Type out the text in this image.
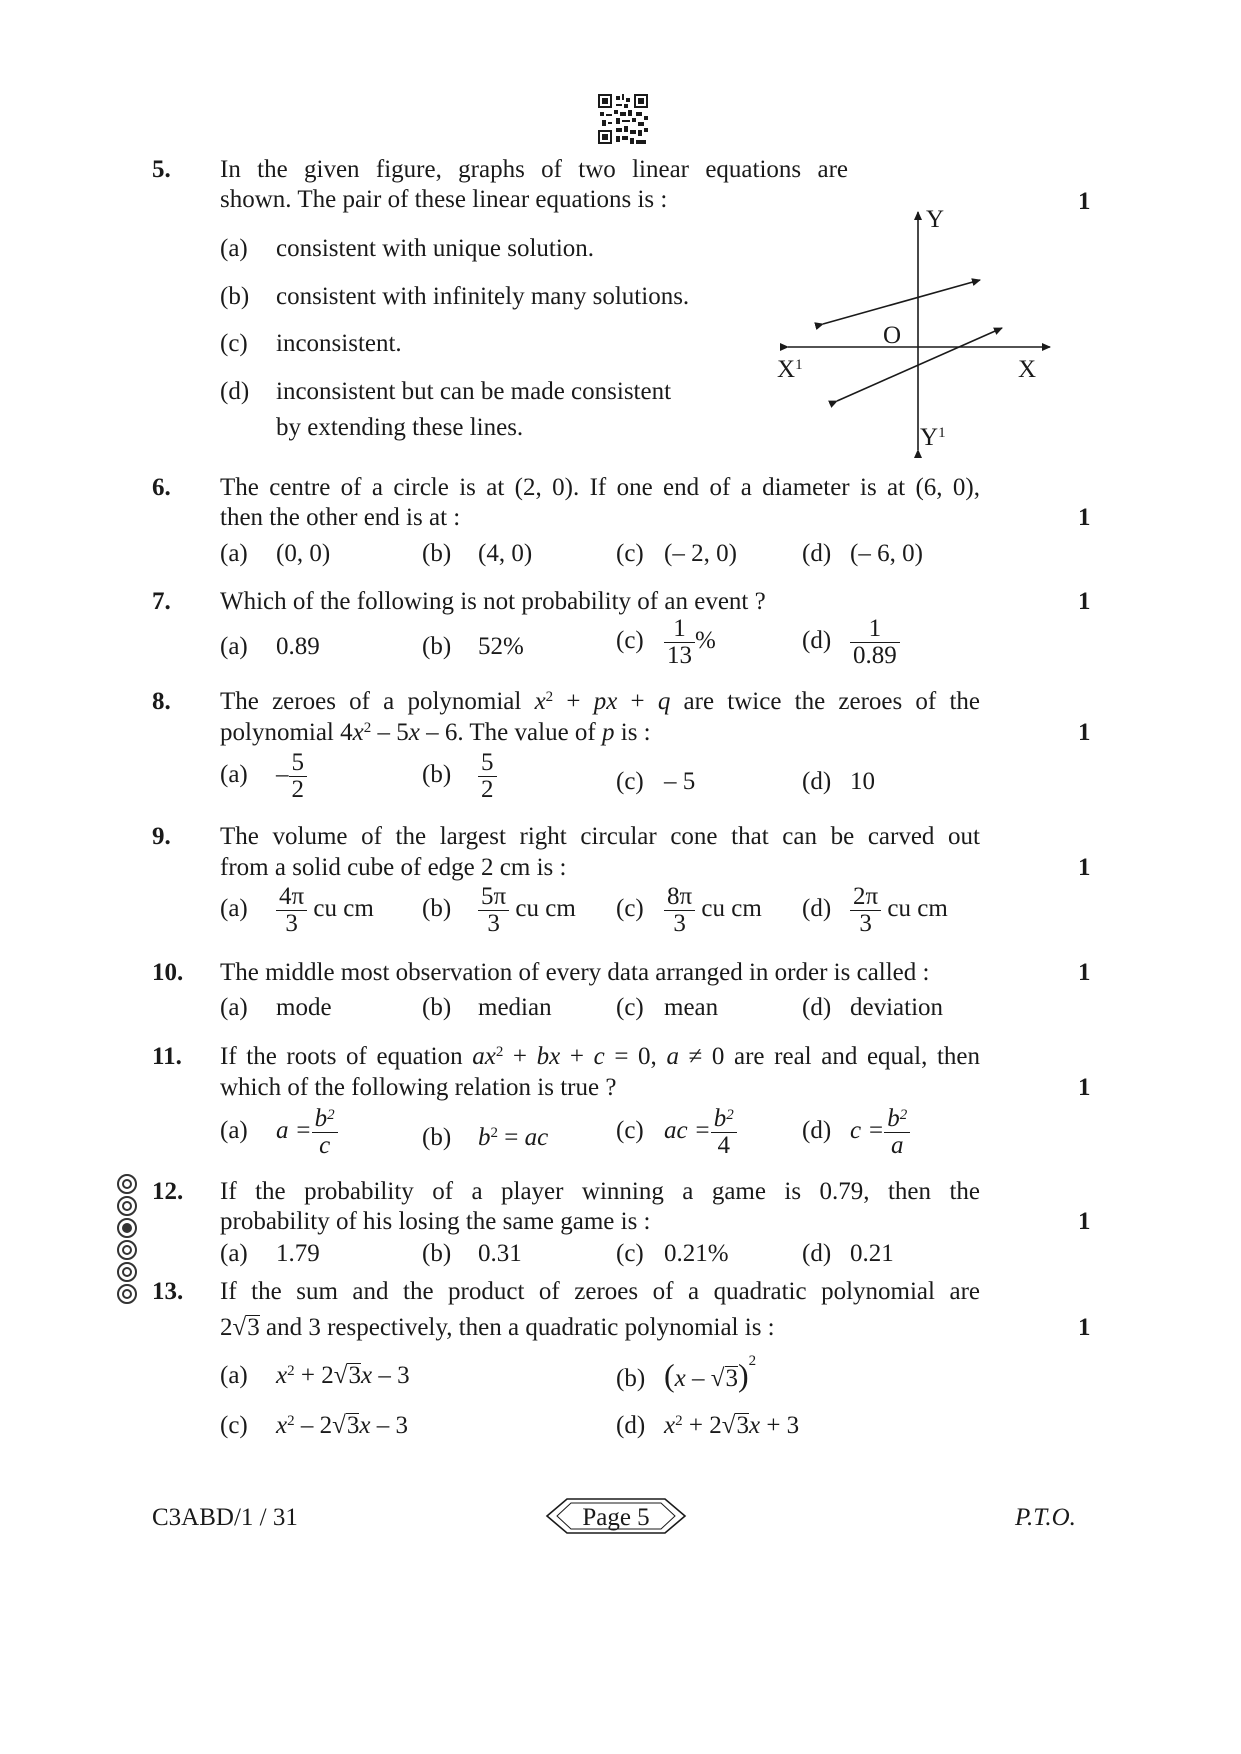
5. In the given figure, graphs of two linear equations are
shown. The pair of these linear equations is :	1
(a) consistent with unique solution.
(b) consistent with infinitely many solutions.
(c) inconsistent.
(d) inconsistent but can be made consistent
by extending these lines.
Y
O
$X^1$	X
$Y^1$
6. The centre of a circle is at (2, 0). If one end of a diameter is at (6, 0),
then the other end is at :	1
(a) (0, 0)	(b) (4, 0)	(c) (– 2, 0)	(d) (– 6, 0)
7. Which of the following is not probability of an event ?	1
(a) 0.89	(b) 52%	$(c) \frac{1}{13}$ %	$(d) \frac{1}{0.89}$
8. The zeroes of a polynomial $x^2$ + px + q are twice the zeroes of the
polynomial $4x^2 - 5x - 6$. The value of p is :	1
$(a) - \frac{5}{2}$	$(b) \frac{5}{2}$	(c) – 5	(d) 10
9. The volume of the largest right circular cone that can be carved out
from a solid cube of edge 2 cm is :	1
$(a) \frac{4\pi}{3}$ cu cm $(b) \frac{5\pi}{3}$ cu cm $(c) \frac{8\pi}{3}$ cu cm $(d) \frac{2\pi}{3}$ cu cm
10. The middle most observation of every data arranged in order is called :	1
(a) mode	(b) median	(c) mean	(d) deviation
11. If the roots of equation $ax^2$ + bx + c = 0, a ≠ 0 are real and equal, then
which of the following relation is true ?	1
(a) $a = \frac{b^2}{c}$	(b) $b^2$ = ac	(c) ac = $\frac{b^2}{4}$	(d) $c = \frac{b^2}{a}$
12. If the probability of a player winning a game is 0.79, then the
probability of his losing the same game is :	1
(a) 1.79	(b) 0.31	(c) 0.21%	(d) 0.21
13. If the sum and the product of zeroes of a quadratic polynomial are
2√3 and 3 respectively, then a quadratic polynomial is :	1
(a) $x^2 + 2√3x - 3$	(b) (x – √3)$^2$
(c) $x^2 - 2√3x - 3$	(d) $x^2 + 2√3x + 3$
C3ABD/1 / 31	Page 5	P.T.O.
